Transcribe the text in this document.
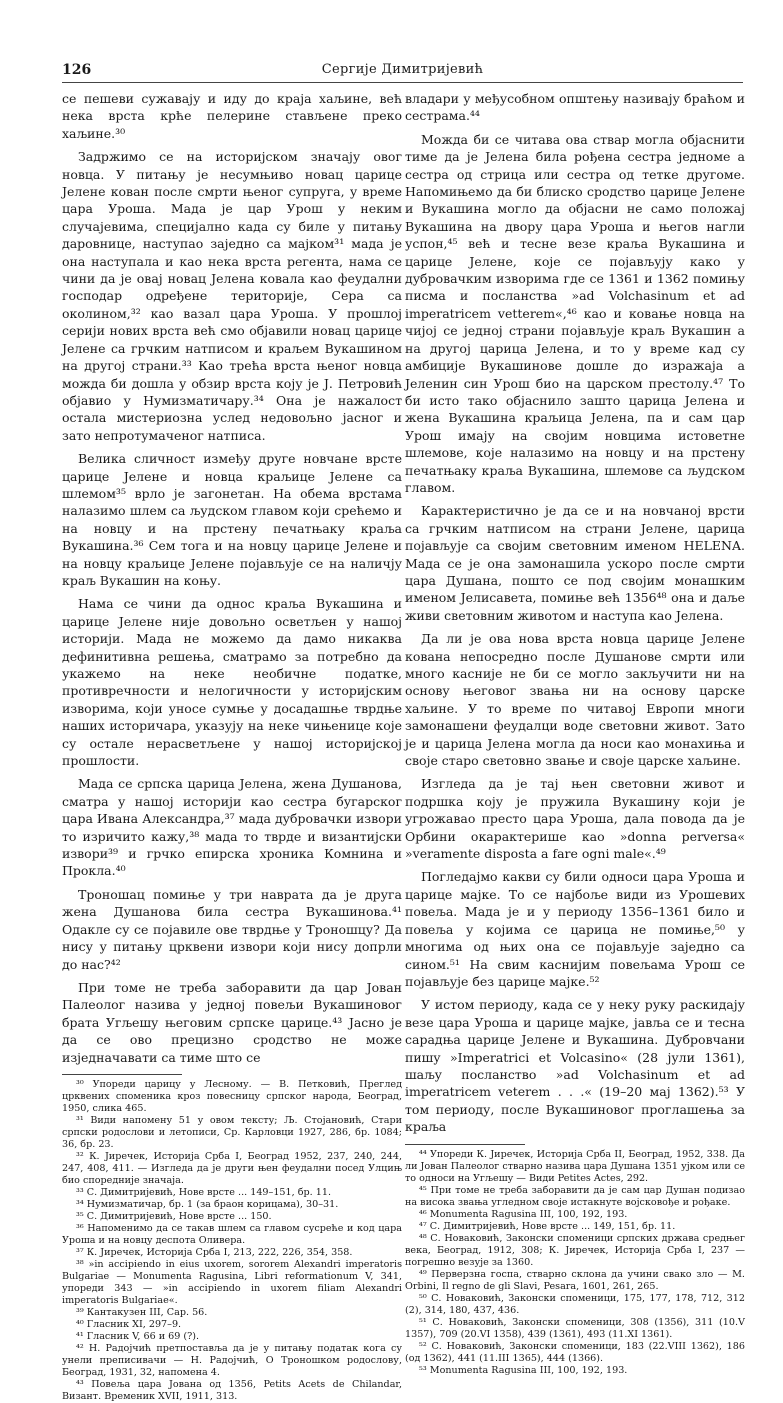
126	Сергије Димитријевић

се пешеви сужавају и иду до краја хаљине, већ нека врста крће пелерине стављене преко хаљине.³⁰

Задржимо се на историјском значају овог новца. У питању је несумњиво новац царице Јелене кован после смрти њеног супруга, у време цара Уроша. Мада је цар Урош у неким случајевима, специјално када су биле у питању даровнице, наступао заједно са мајком³¹ мада је она наступала и као нека врста регента, нама се чини да је овај новац Јелена ковала као феудални господар одређене територије, Сера са околином,³² као вазал цара Уроша. У прошлој серији нових врста већ смо објавили новац царице Јелене са грчким натписом и краљем Вукашином на другој страни.³³ Као трећа врста њеног новца можда би дошла у обзир врста коју је Ј. Петровић објавио у Нумизматичару.³⁴ Она је нажалост остала мистериозна услед недовољно јасног и зато непротумаченог натписа.

Велика сличност између друге новчане врсте царице Јелене и новца краљице Јелене са шлемом³⁵ врло је загонетан. На обема врстама налазимо шлем са људском главом који срећемо и на новцу и на прстену печатњаку краља Вукашина.³⁶ Сем тога и на новцу царице Јелене и на новцу краљице Јелене појављује се на наличју краљ Вукашин на коњу.

Нама се чини да однос краља Вукашина и царице Јелене није довољно осветљен у нашој историји. Мада не можемо да дамо никаква дефинитивна решења, сматрамо за потребно да укажемо на неке необичне податке, противречности и нелогичности у историјским изворима, који уносе сумње у досадашње тврдње наших историчара, указују на неке чињенице које су остале нерасветљене у нашој историјској прошлости.

Мада се српска царица Јелена, жена Душанова, сматра у нашој историји као сестра бугарског цара Ивана Александра,³⁷ мада дубровачки извори то изричито кажу,³⁸ мада то тврде и византијски извори³⁹ и грчко епирска хроника Комнина и Прокла.⁴⁰

Троношац помиње у три наврата да је друга жена Душанова била сестра Вукашинова.⁴¹ Одакле су се појавиле ове тврдње у Троношцу? Да нису у питању црквени извори који нису допрли до нас?⁴²

При томе не треба заборавити да цар Јован Палеолог назива у једној повељи Вукашиновог брата Угљешу његовим српске царице.⁴³ Јасно је да се ово прецизно сродство не може изједначавати са тиме што се

³⁰ Упореди царицу у Лесному. — В. Петковић, Преглед црквених споменика кроз повесницу српског народа, Београд, 1950, слика 465.

³¹ Види напомену 51 у овом тексту; Љ. Стојановић, Стари српски родослови и летописи, Ср. Карловци 1927, 286, бр. 1084; 36, бр. 23.

³² К. Јиречек, Историја Срба I, Београд 1952, 237, 240, 244, 247, 408, 411. — Изгледа да је други њен феудални посед Улцињ био споредније значаја.

³³ С. Димитријевић, Нове врсте ... 149–151, бр. 11.

³⁴ Нумизматичар, бр. 1 (за браон корицама), 30–31.

³⁵ С. Димитријевић, Нове врсте ... 150.

³⁶ Напоменимо да се такав шлем са главом сусреће и код цара Уроша и на новцу деспота Оливера.

³⁷ К. Јиречек, Историја Срба I, 213, 222, 226, 354, 358.

³⁸ »in accipiendo in eius uxorem, sororem Alexandri imperatoris Bulgariae — Monumenta Ragusina, Libri reformationum V, 341, упореди 343 — »in accipiendo in uxorem filiam Alexandri imperatoris Bulgariae«.

³⁹ Кантакузен III, Сар. 56.

⁴⁰ Гласник XI, 297–9.

⁴¹ Гласник V, 66 и 69 (?).

⁴² Н. Радојчић претпоставља да је у питању податак кога су унели преписивачи — Н. Радојчић, О Троношком родослову, Београд, 1931, 32, напомена 4.

⁴³ Повеља цара Јована од 1356, Petits Acets de Chilandar, Визант. Временик XVII, 1911, 313.

владари у међусобном општењу називају браћом и сестрама.⁴⁴

Можда би се читава ова ствар могла објаснити тиме да је Јелена била рођена сестра једноме а сестра од стрица или сестра од тетке другоме. Напомињемо да би блиско сродство царице Јелене и Вукашина могло да објасни не само положај Вукашина на двору цара Уроша и његов нагли успон,⁴⁵ већ и тесне везе краља Вукашина и царице Јелене, које се појављују како у дубровачким изворима где се 1361 и 1362 помињу писма и посланства »ad Volchasinum et ad imperatricem vetterem«,⁴⁶ као и ковање новца на чијој се једној страни појављује краљ Вукашин а на другој царица Јелена, и то у време кад су амбиције Вукашинове дошле до изражаја а Јеленин син Урош био на царском престолу.⁴⁷ То би исто тако објаснило зашто царица Јелена и жена Вукашина краљица Јелена, па и сам цар Урош имају на својим новцима истоветне шлемове, које налазимо на новцу и на прстену печатњаку краља Вукашина, шлемове са људском главом.

Карактеристично је да се и на новчаној врсти са грчким натписом на страни Јелене, царица појављује са својим световним именом HELENA. Мада се је она замонашила ускоро после смрти цара Душана, пошто се под својим монашким именом Јелисавета, помиње већ 1356⁴⁸ она и даље живи световним животом и наступа као Јелена.

Да ли је ова нова врста новца царице Јелене кована непосредно после Душанове смрти или много касније не би се могло закључити ни на основу његовог звања ни на основу царске хаљине. У то време по читавој Европи многи замонашени феудалци воде световни живот. Зато је и царица Јелена могла да носи као монахиња и своје старо световно звање и своје царске хаљине.

Изгледа да је тај њен световни живот и подршка коју је пружила Вукашину који је угрожавао престо цара Уроша, дала повода да је Орбини окарактерише као »donna perversa« »veramente disposta a fare ogni male«.⁴⁹

Погледајмо какви су били односи цара Уроша и царице мајке. То се најбоље види из Урошевих повеља. Мада је и у периоду 1356–1361 било и повеља у којима се царица не помиње,⁵⁰ у многима од њих она се појављује заједно са сином.⁵¹ На свим каснијим повељама Урош се појављује без царице мајке.⁵²

У истом периоду, када се у неку руку раскидају везе цара Уроша и царице мајке, јавља се и тесна сарадња царице Јелене и Вукашина. Дубровчани пишу »Imperatrici et Volcasino« (28 јули 1361), шаљу посланство »ad Volchasinum et ad imperatricem veterem . . .« (19–20 мај 1362).⁵³ У том периоду, после Вукашиновог проглашења за краља

⁴⁴ Упореди К. Јиречек, Историја Срба II, Београд, 1952, 338. Да ли Јован Палеолог стварно назива цара Душана 1351 ујком или се то односи на Угљешу — Види Petites Actes, 292.

⁴⁵ При томе не треба заборавити да је сам цар Душан подизао на висока звања угледном своје истакнуте војсковође и рођаке.

⁴⁶ Monumenta Ragusina III, 100, 192, 193.

⁴⁷ С. Димитријевић, Нове врсте ... 149, 151, бр. 11.

⁴⁸ С. Новаковић, Законски споменици српских држава средњег века, Београд, 1912, 308; К. Јиречек, Историја Срба I, 237 — погрешно везује за 1360.

⁴⁹ Перверзна госпа, стварно склона да учини свако зло — M. Orbini, Il regno de gli Slavi, Pesara, 1601, 261, 265.

⁵⁰ С. Новаковић, Законски споменици, 175, 177, 178, 712, 312 (2), 314, 180, 437, 436.

⁵¹ С. Новаковић, Законски споменици, 308 (1356), 311 (10.V 1357), 709 (20.VI 1358), 439 (1361), 493 (11.XI 1361).

⁵² С. Новаковић, Законски споменици, 183 (22.VIII 1362), 186 (од 1362), 441 (11.III 1365), 444 (1366).

⁵³ Monumenta Ragusina III, 100, 192, 193.
